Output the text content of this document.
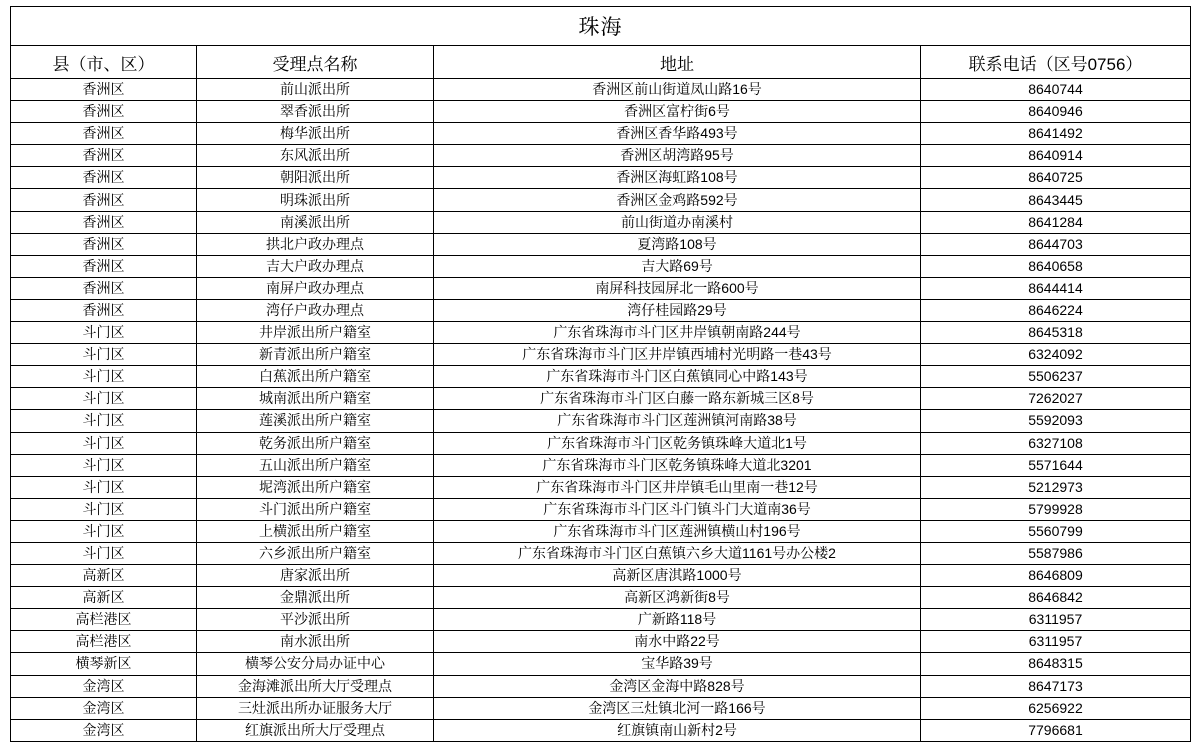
珠海			
县（市、区）	受理点名称	地址	联系电话（区号0756）
香洲区	前山派出所	香洲区前山街道凤山路16号	8640744
香洲区	翠香派出所	香洲区富柠街6号	8640946
香洲区	梅华派出所	香洲区香华路493号	8641492
香洲区	东风派出所	香洲区胡湾路95号	8640914
香洲区	朝阳派出所	香洲区海虹路108号	8640725
香洲区	明珠派出所	香洲区金鸡路592号	8643445
香洲区	南溪派出所	前山街道办南溪村	8641284
香洲区	拱北户政办理点	夏湾路108号	8644703
香洲区	吉大户政办理点	吉大路69号	8640658
香洲区	南屏户政办理点	南屏科技园屏北一路600号	8644414
香洲区	湾仔户政办理点	湾仔桂园路29号	8646224
斗门区	井岸派出所户籍室	广东省珠海市斗门区井岸镇朝南路244号	8645318
斗门区	新青派出所户籍室	广东省珠海市斗门区井岸镇西埔村光明路一巷43号	6324092
斗门区	白蕉派出所户籍室	广东省珠海市斗门区白蕉镇同心中路143号	5506237
斗门区	城南派出所户籍室	广东省珠海市斗门区白藤一路东新城三区8号	7262027
斗门区	莲溪派出所户籍室	广东省珠海市斗门区莲洲镇河南路38号	5592093
斗门区	乾务派出所户籍室	广东省珠海市斗门区乾务镇珠峰大道北1号	6327108
斗门区	五山派出所户籍室	广东省珠海市斗门区乾务镇珠峰大道北3201	5571644
斗门区	坭湾派出所户籍室	广东省珠海市斗门区井岸镇毛山里南一巷12号	5212973
斗门区	斗门派出所户籍室	广东省珠海市斗门区斗门镇斗门大道南36号	5799928
斗门区	上横派出所户籍室	广东省珠海市斗门区莲洲镇横山村196号	5560799
斗门区	六乡派出所户籍室	广东省珠海市斗门区白蕉镇六乡大道1161号办公楼2	5587986
高新区	唐家派出所	高新区唐淇路1000号	8646809
高新区	金鼎派出所	高新区鸿新街8号	8646842
高栏港区	平沙派出所	广新路118号	6311957
高栏港区	南水派出所	南水中路22号	6311957
横琴新区	横琴公安分局办证中心	宝华路39号	8648315
金湾区	金海滩派出所大厅受理点	金湾区金海中路828号	8647173
金湾区	三灶派出所办证服务大厅	金湾区三灶镇北河一路166号	6256922
金湾区	红旗派出所大厅受理点	红旗镇南山新村2号	7796681
